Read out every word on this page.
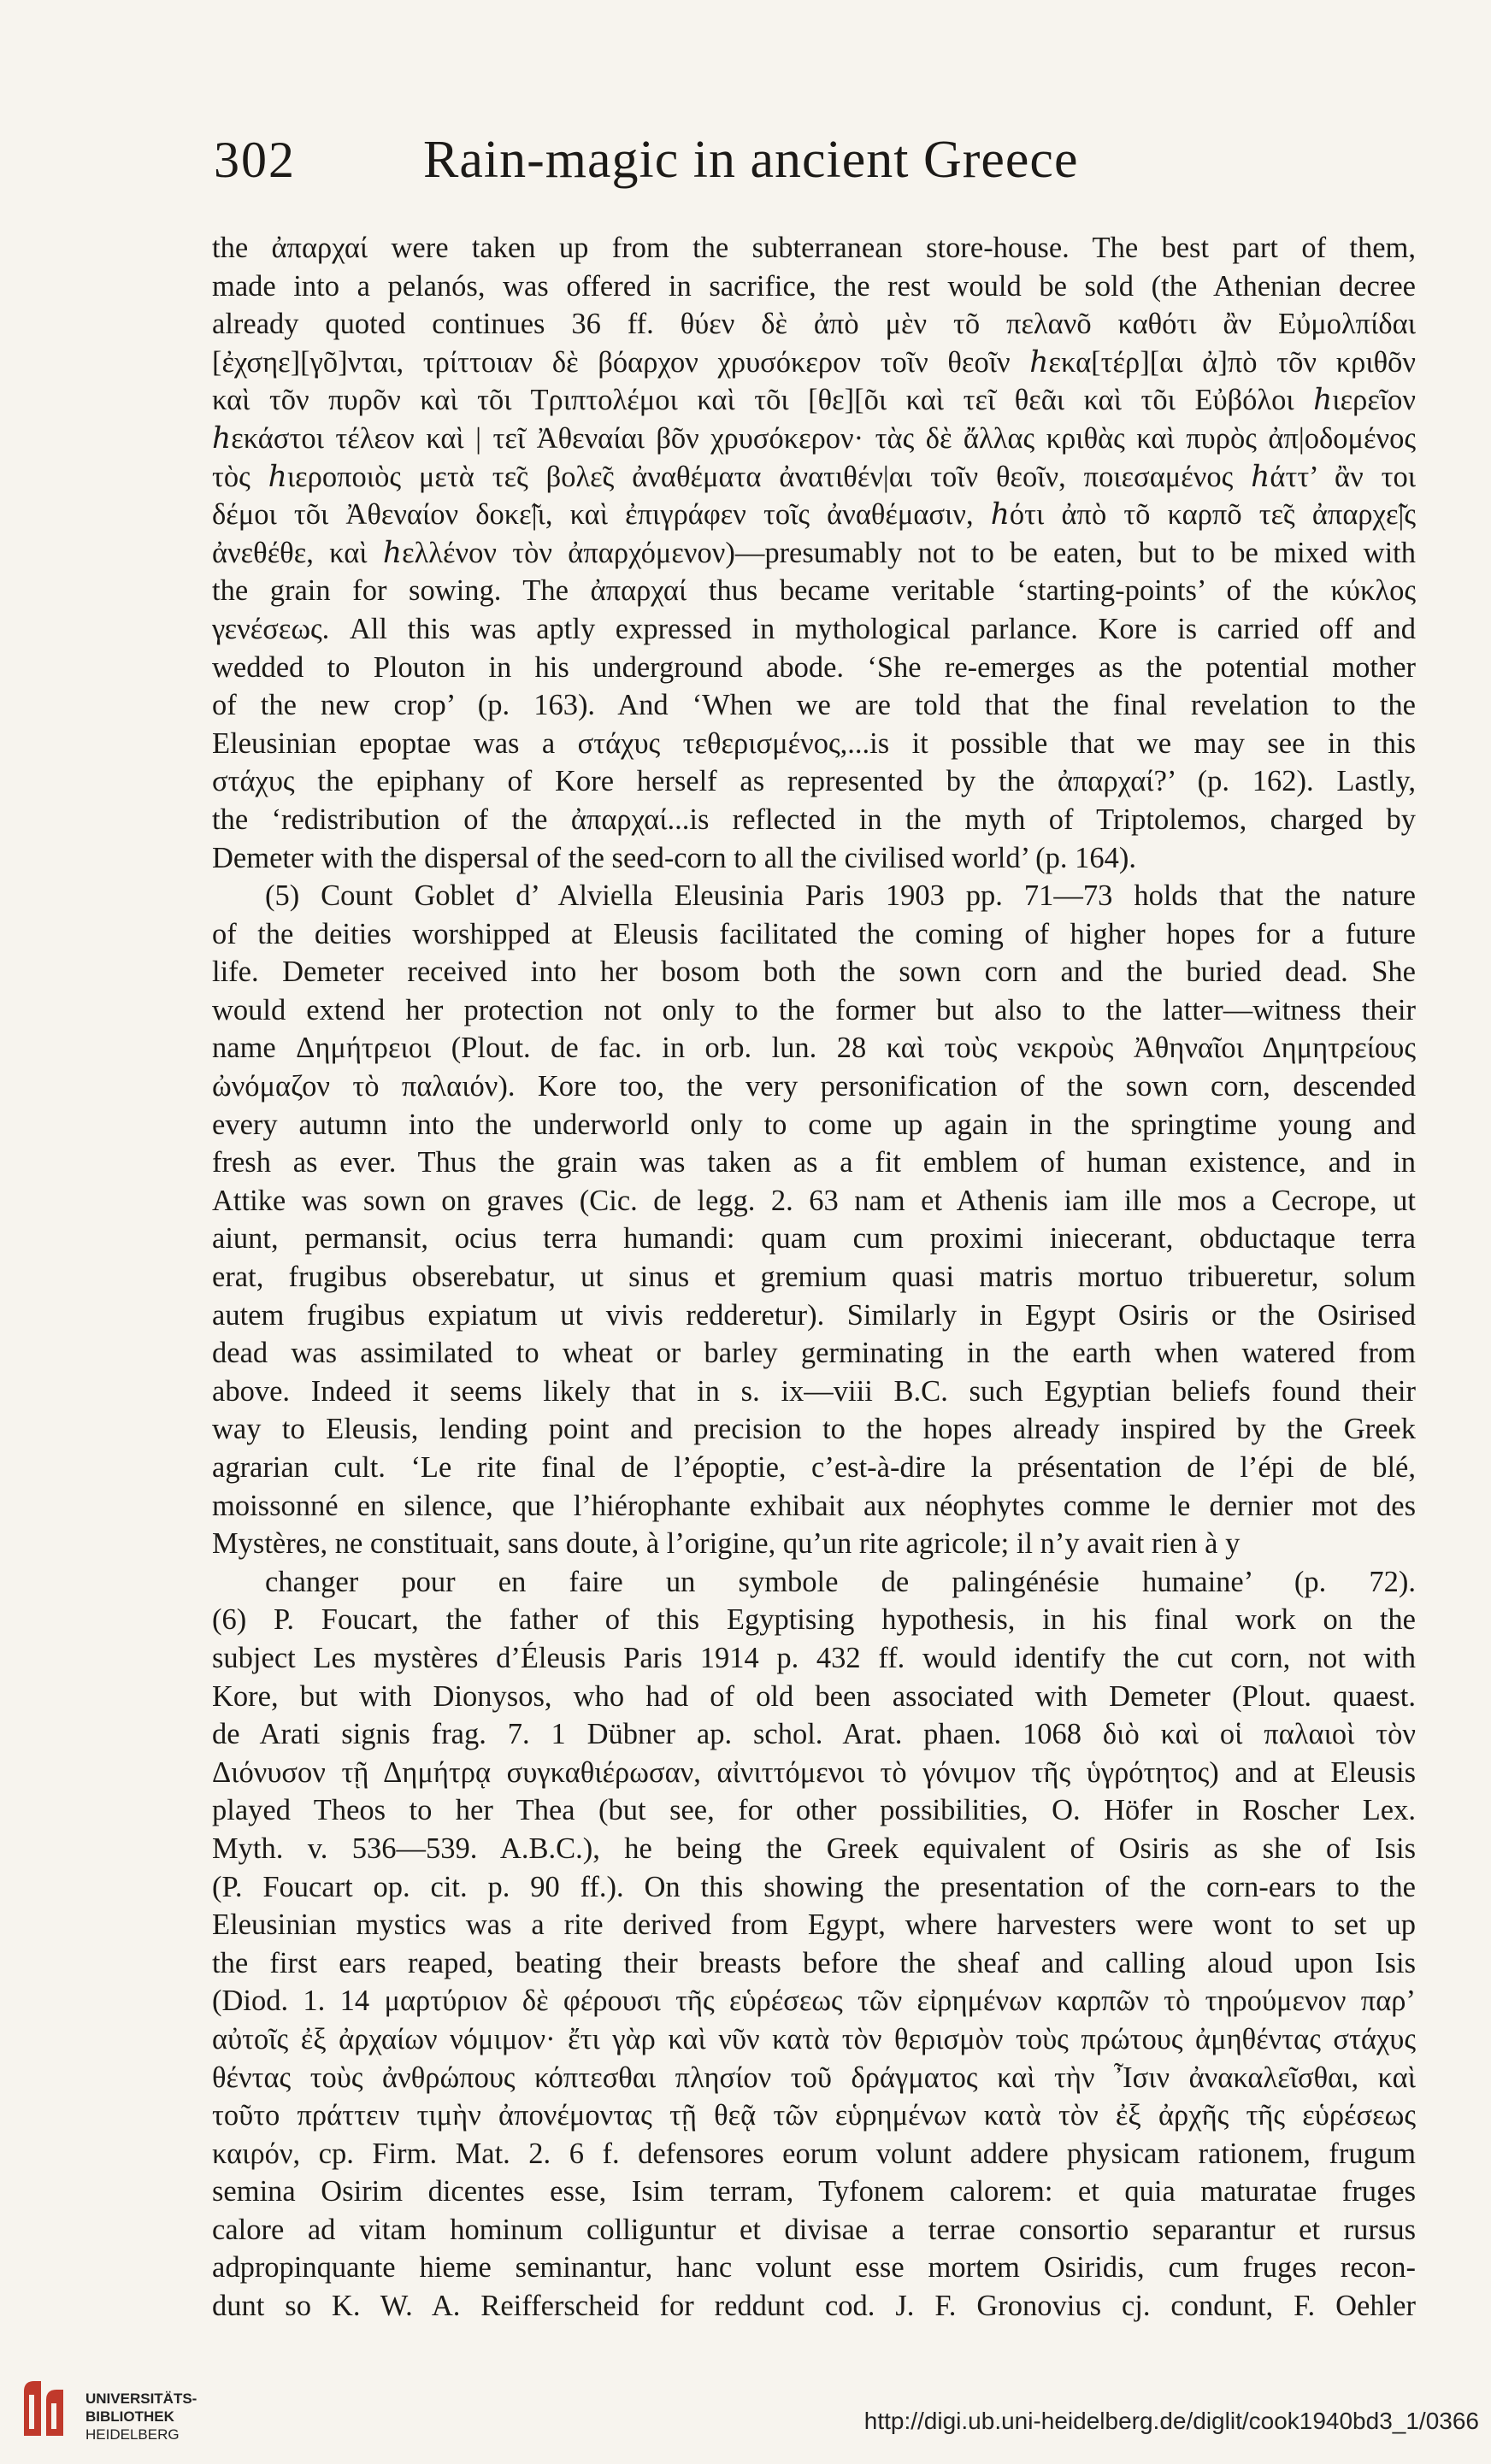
302 Rain-magic in ancient Greece
the ἀπαρχαί were taken up from the subterranean store-house. The best part of them,
made into a pelanós, was offered in sacrifice, the rest would be sold (the Athenian decree
already quoted continues 36 ff. θύεν δὲ ἀπὸ μὲν τõ πελανõ καθότι ἂν Εὐμολπίδαι
[ἐχσηε][γõ]νται, τρίττοιαν δὲ βόαρχον χρυσόκερον τοῖν θεοῖν ℎεκα[τέρ][αι ἀ]πὸ τõν κριθõν
καὶ τõν πυρõν καὶ τõι Τριπτολέμοι καὶ τõι [θε][õι καὶ τε̃ι θεᾶι καὶ τõι Εὐβόλοι ℎιερεῖον
ℎεκάστοι τέλεον καὶ | τε̃ι Ἀθεναίαι βõν χρυσόκερον· τὰς δὲ ἄλλας κριθὰς καὶ πυρὸς ἀπ|οδομένος
τὸς ℎιεροποιὸς μετὰ τε̃ς βολε̃ς ἀναθέματα ἀνατιθέν|αι τοῖν θεοῖν, ποιεσαμένος ℎάττ’ ἂν τοι
δέμοι τõι Ἀθεναίον δοκε̃|ι, καὶ ἐπιγράφεν τοῖς ἀναθέμασιν, ℎότι ἀπὸ τõ καρπõ τε̃ς ἀπαρχε̃|ς
ἀνεθέθε, καὶ ℎελλένον τὸν ἀπαρχόμενον)—presumably not to be eaten, but to be mixed with
the grain for sowing. The ἀπαρχαί thus became veritable ‘starting-points’ of the κύκλος
γενέσεως. All this was aptly expressed in mythological parlance. Kore is carried off and
wedded to Plouton in his underground abode. ‘She re-emerges as the potential mother
of the new crop’ (p. 163). And ‘When we are told that the final revelation to the
Eleusinian epoptae was a στάχυς τεθερισμένος,...is it possible that we may see in this
στάχυς the epiphany of Kore herself as represented by the ἀπαρχαί?’ (p. 162). Lastly,
the ‘redistribution of the ἀπαρχαί...is reflected in the myth of Triptolemos, charged by
Demeter with the dispersal of the seed-corn to all the civilised world’ (p. 164).
(5) Count Goblet d’ Alviella Eleusinia Paris 1903 pp. 71—73 holds that the nature
of the deities worshipped at Eleusis facilitated the coming of higher hopes for a future
life. Demeter received into her bosom both the sown corn and the buried dead. She
would extend her protection not only to the former but also to the latter—witness their
name Δημήτρειοι (Plout. de fac. in orb. lun. 28 καὶ τοὺς νεκροὺς Ἀθηναῖοι Δημητρείους
ὠνόμαζον τὸ παλαιόν). Kore too, the very personification of the sown corn, descended
every autumn into the underworld only to come up again in the springtime young and
fresh as ever. Thus the grain was taken as a fit emblem of human existence, and in
Attike was sown on graves (Cic. de legg. 2. 63 nam et Athenis iam ille mos a Cecrope, ut
aiunt, permansit, ocius terra humandi: quam cum proximi iniecerant, obductaque terra
erat, frugibus obserebatur, ut sinus et gremium quasi matris mortuo tribueretur, solum
autem frugibus expiatum ut vivis redderetur). Similarly in Egypt Osiris or the Osirised
dead was assimilated to wheat or barley germinating in the earth when watered from
above. Indeed it seems likely that in s. ix—viii B.C. such Egyptian beliefs found their
way to Eleusis, lending point and precision to the hopes already inspired by the Greek
agrarian cult. ‘Le rite final de l’époptie, c’est-à-dire la présentation de l’épi de blé,
moissonné en silence, que l’hiérophante exhibait aux néophytes comme le dernier mot des
Mystères, ne constituait, sans doute, à l’origine, qu’un rite agricole; il n’y avait rien à y
changer pour en faire un symbole de palingénésie humaine’ (p. 72).
(6) P. Foucart, the father of this Egyptising hypothesis, in his final work on the
subject Les mystères d’Éleusis Paris 1914 p. 432 ff. would identify the cut corn, not with
Kore, but with Dionysos, who had of old been associated with Demeter (Plout. quaest.
de Arati signis frag. 7. 1 Dübner ap. schol. Arat. phaen. 1068 διὸ καὶ οἱ παλαιοὶ τὸν
Διόνυσον τῇ Δημήτρᾳ συγκαθιέρωσαν, αἰνιττόμενοι τὸ γόνιμον τῆς ὑγρότητος) and at Eleusis
played Theos to her Thea (but see, for other possibilities, O. Höfer in Roscher Lex.
Myth. v. 536—539. A.B.C.), he being the Greek equivalent of Osiris as she of Isis
(P. Foucart op. cit. p. 90 ff.). On this showing the presentation of the corn-ears to the
Eleusinian mystics was a rite derived from Egypt, where harvesters were wont to set up
the first ears reaped, beating their breasts before the sheaf and calling aloud upon Isis
(Diod. 1. 14 μαρτύριον δὲ φέρουσι τῆς εὑρέσεως τῶν εἰρημένων καρπῶν τὸ τηρούμενον παρ’
αὐτοῖς ἐξ ἀρχαίων νόμιμον· ἔτι γὰρ καὶ νῦν κατὰ τὸν θερισμὸν τοὺς πρώτους ἀμηθέντας στάχυς
θέντας τοὺς ἀνθρώπους κόπτεσθαι πλησίον τοῦ δράγματος καὶ τὴν Ἶσιν ἀνακαλεῖσθαι, καὶ
τοῦτο πράττειν τιμὴν ἀπονέμοντας τῇ θεᾷ τῶν εὑρημένων κατὰ τὸν ἐξ ἀρχῆς τῆς εὑρέσεως
καιρόν, cp. Firm. Mat. 2. 6 f. defensores eorum volunt addere physicam rationem, frugum
semina Osirim dicentes esse, Isim terram, Tyfonem calorem: et quia maturatae fruges
calore ad vitam hominum colliguntur et divisae a terrae consortio separantur et rursus
adpropinquante hieme seminantur, hanc volunt esse mortem Osiridis, cum fruges recon-
dunt so K. W. A. Reifferscheid for reddunt cod. J. F. Gronovius cj. condunt, F. Oehler
UNIVERSITÄTS-
BIBLIOTHEK
HEIDELBERG
http://digi.ub.uni-heidelberg.de/diglit/cook1940bd3_1/0366
